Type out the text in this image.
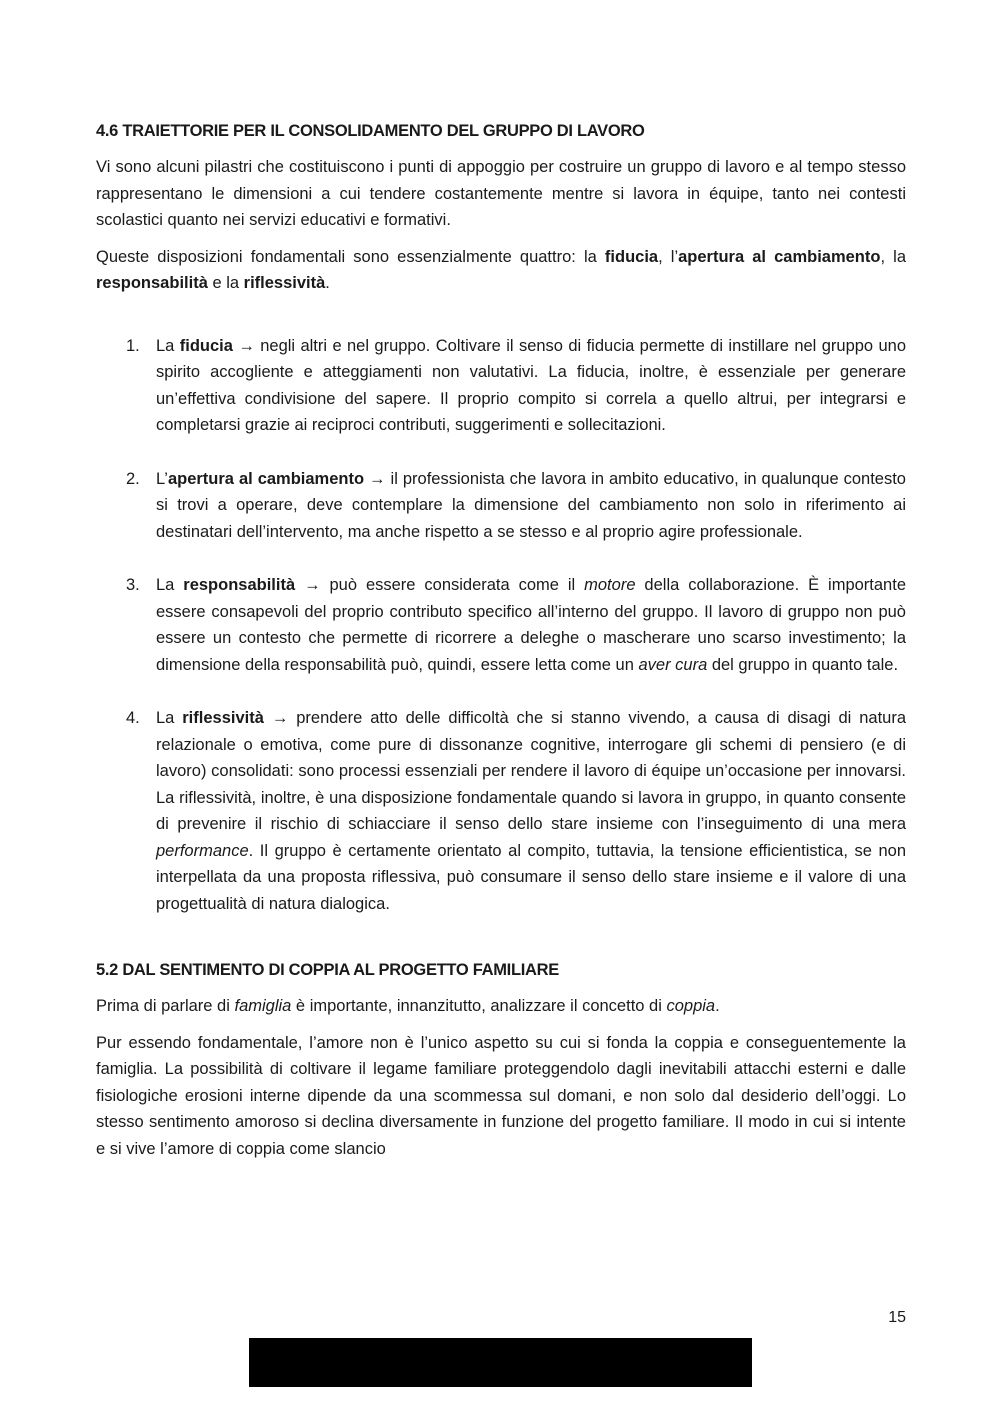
4.6 TRAIETTORIE PER IL CONSOLIDAMENTO DEL GRUPPO DI LAVORO

Vi sono alcuni pilastri che costituiscono i punti di appoggio per costruire un gruppo di lavoro e al tempo stesso rappresentano le dimensioni a cui tendere costantemente mentre si lavora in équipe, tanto nei contesti scolastici quanto nei servizi educativi e formativi.

Queste disposizioni fondamentali sono essenzialmente quattro: la fiducia, l’apertura al cambiamento, la responsabilità e la riflessività.

1. La fiducia → negli altri e nel gruppo. Coltivare il senso di fiducia permette di instillare nel gruppo uno spirito accogliente e atteggiamenti non valutativi. La fiducia, inoltre, è essenziale per generare un’effettiva condivisione del sapere. Il proprio compito si correla a quello altrui, per integrarsi e completarsi grazie ai reciproci contributi, suggerimenti e sollecitazioni.
2. L’apertura al cambiamento → il professionista che lavora in ambito educativo, in qualunque contesto si trovi a operare, deve contemplare la dimensione del cambiamento non solo in riferimento ai destinatari dell’intervento, ma anche rispetto a se stesso e al proprio agire professionale.
3. La responsabilità → può essere considerata come il motore della collaborazione. È importante essere consapevoli del proprio contributo specifico all’interno del gruppo. Il lavoro di gruppo non può essere un contesto che permette di ricorrere a deleghe o mascherare uno scarso investimento; la dimensione della responsabilità può, quindi, essere letta come un aver cura del gruppo in quanto tale.
4. La riflessività → prendere atto delle difficoltà che si stanno vivendo, a causa di disagi di natura relazionale o emotiva, come pure di dissonanze cognitive, interrogare gli schemi di pensiero (e di lavoro) consolidati: sono processi essenziali per rendere il lavoro di équipe un’occasione per innovarsi. La riflessività, inoltre, è una disposizione fondamentale quando si lavora in gruppo, in quanto consente di prevenire il rischio di schiacciare il senso dello stare insieme con l’inseguimento di una mera performance. Il gruppo è certamente orientato al compito, tuttavia, la tensione efficientistica, se non interpellata da una proposta riflessiva, può consumare il senso dello stare insieme e il valore di una progettualità di natura dialogica.
5.2 DAL SENTIMENTO DI COPPIA AL PROGETTO FAMILIARE

Prima di parlare di famiglia è importante, innanzitutto, analizzare il concetto di coppia.

Pur essendo fondamentale, l’amore non è l’unico aspetto su cui si fonda la coppia e conseguentemente la famiglia. La possibilità di coltivare il legame familiare proteggendolo dagli inevitabili attacchi esterni e dalle fisiologiche erosioni interne dipende da una scommessa sul domani, e non solo dal desiderio dell’oggi. Lo stesso sentimento amoroso si declina diversamente in funzione del progetto familiare. Il modo in cui si intente e si vive l’amore di coppia come slancio

15
